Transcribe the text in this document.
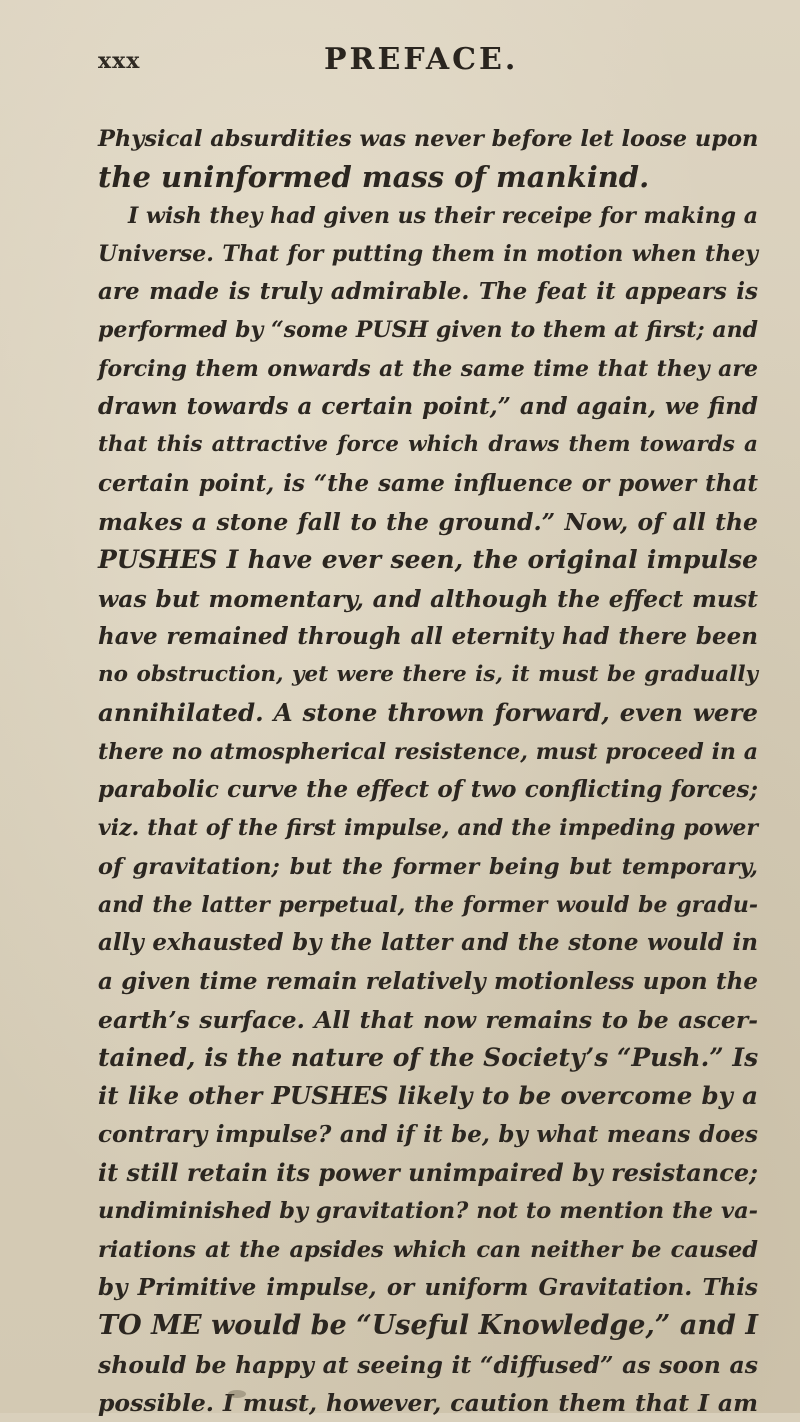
xxx	PREFACE.
Physical absurdities was never before let loose upon
the uninformed mass of mankind.
I wish they had given us their receipe for making a
Universe. That for putting them in motion when they
are made is truly admirable. The feat it appears is
performed by “some PUSH given to them at first; and
forcing them onwards at the same time that they are
drawn towards a certain point,” and again, we find
that this attractive force which draws them towards a
certain point, is “the same influence or power that
makes a stone fall to the ground.” Now, of all the
PUSHES I have ever seen, the original impulse
was but momentary, and although the effect must
have remained through all eternity had there been
no obstruction, yet were there is, it must be gradually
annihilated. A stone thrown forward, even were
there no atmospherical resistence, must proceed in a
parabolic curve the effect of two conflicting forces;
viz. that of the first impulse, and the impeding power
of gravitation; but the former being but temporary,
and the latter perpetual, the former would be gradu-
ally exhausted by the latter and the stone would in
a given time remain relatively motionless upon the
earth’s surface. All that now remains to be ascer-
tained, is the nature of the Society’s “Push.” Is
it like other PUSHES likely to be overcome by a
contrary impulse? and if it be, by what means does
it still retain its power unimpaired by resistance;
undiminished by gravitation? not to mention the va-
riations at the apsides which can neither be caused
by Primitive impulse, or uniform Gravitation. This
TO ME would be “Useful Knowledge,” and I
should be happy at seeing it “diffused” as soon as
possible. I must, however, caution them that I am
